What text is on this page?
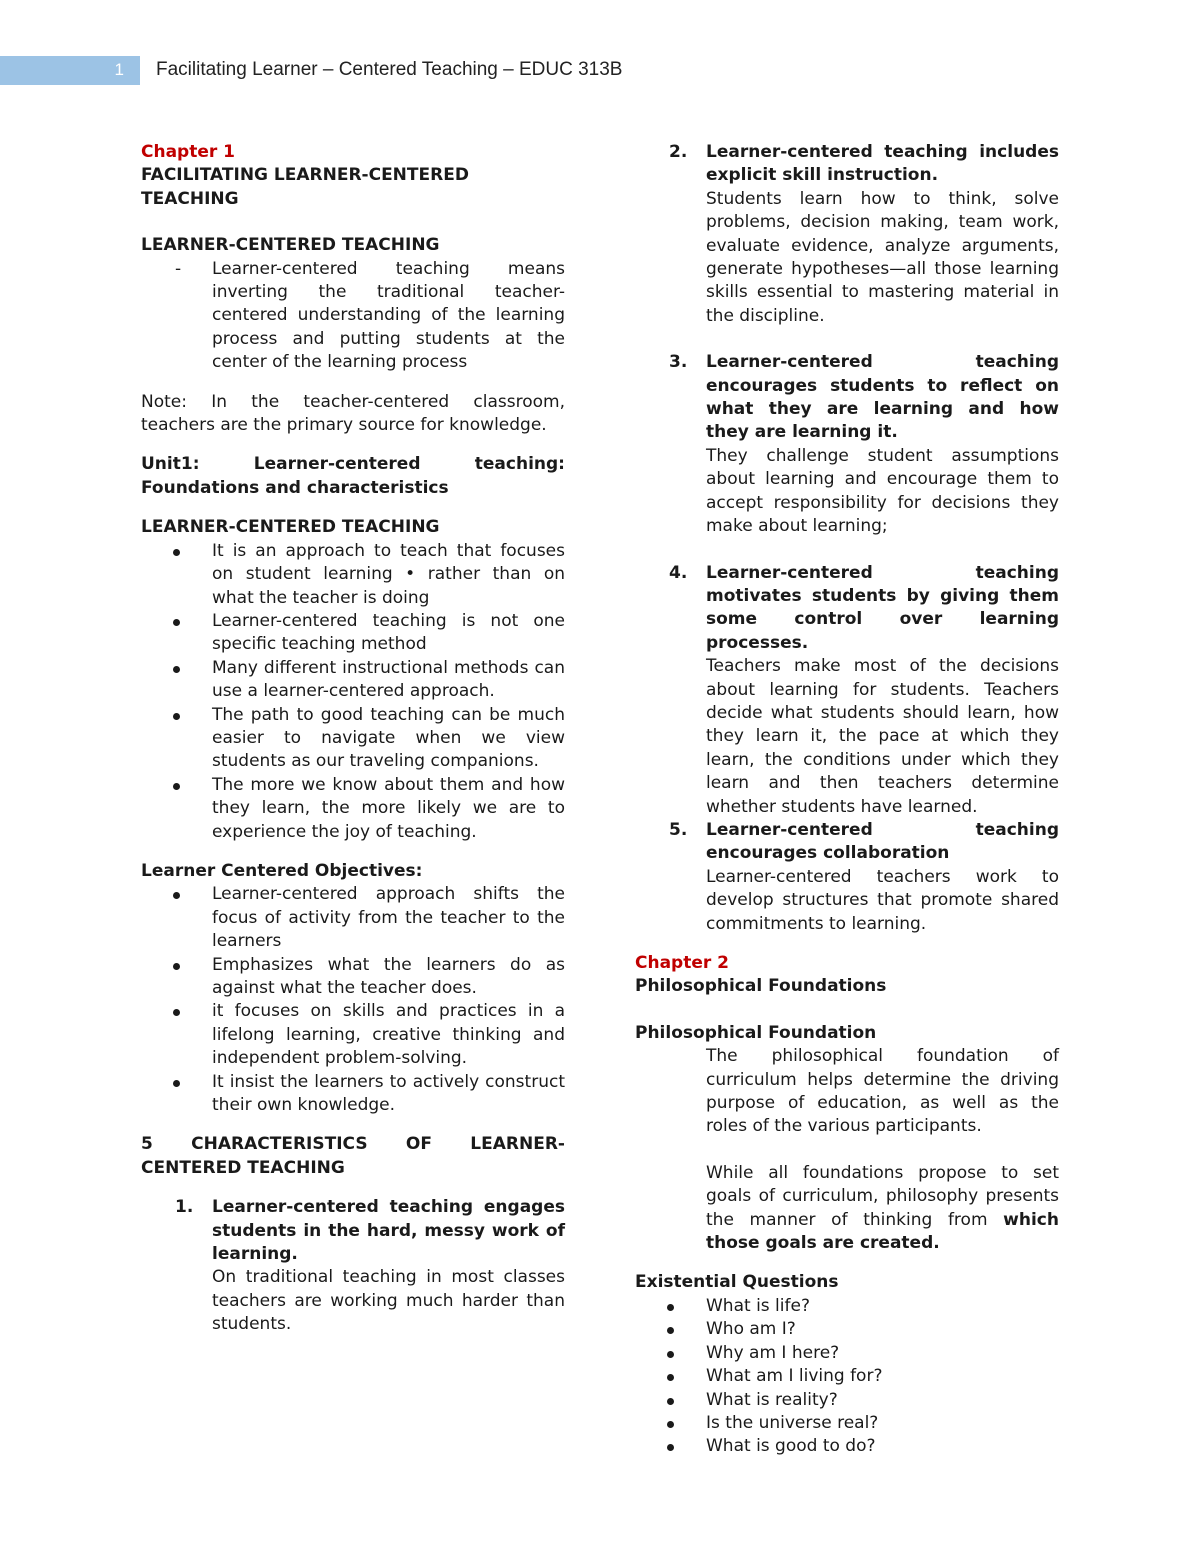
1 Facilitating Learner – Centered Teaching – EDUC 313B

Chapter 1

FACILITATING LEARNER-CENTERED TEACHING

LEARNER-CENTERED TEACHING

- Learner-centered teaching means inverting the traditional teacher-centered understanding of the learning process and putting students at the center of the learning process

Note: In the teacher-centered classroom, teachers are the primary source for knowledge.

Unit1: Learner-centered teaching: Foundations and characteristics

LEARNER-CENTERED TEACHING

It is an approach to teach that focuses on student learning • rather than on what the teacher is doing
Learner-centered teaching is not one specific teaching method
Many different instructional methods can use a learner-centered approach.
The path to good teaching can be much easier to navigate when we view students as our traveling companions.
The more we know about them and how they learn, the more likely we are to experience the joy of teaching.

Learner Centered Objectives:

Learner-centered approach shifts the focus of activity from the teacher to the learners
Emphasizes what the learners do as against what the teacher does.
it focuses on skills and practices in a lifelong learning, creative thinking and independent problem-solving.
It insist the learners to actively construct their own knowledge.

5 CHARACTERISTICS OF LEARNER-CENTERED TEACHING

1. Learner-centered teaching engages students in the hard, messy work of learning.

On traditional teaching in most classes teachers are working much harder than students.

2. Learner-centered teaching includes explicit skill instruction.

Students learn how to think, solve problems, decision making, team work, evaluate evidence, analyze arguments, generate hypotheses—all those learning skills essential to mastering material in the discipline.

3. Learner-centered teaching encourages students to reflect on what they are learning and how they are learning it.

They challenge student assumptions about learning and encourage them to accept responsibility for decisions they make about learning;

4. Learner-centered teaching motivates students by giving them some control over learning processes.

Teachers make most of the decisions about learning for students. Teachers decide what students should learn, how they learn it, the pace at which they learn, the conditions under which they learn and then teachers determine whether students have learned.

5. Learner-centered teaching encourages collaboration

Learner-centered teachers work to develop structures that promote shared commitments to learning.

Chapter 2

Philosophical Foundations

Philosophical Foundation

The philosophical foundation of curriculum helps determine the driving purpose of education, as well as the roles of the various participants.

While all foundations propose to set goals of curriculum, philosophy presents the manner of thinking from which those goals are created.

Existential Questions

What is life?
Who am I?
Why am I here?
What am I living for?
What is reality?
Is the universe real?
What is good to do?
